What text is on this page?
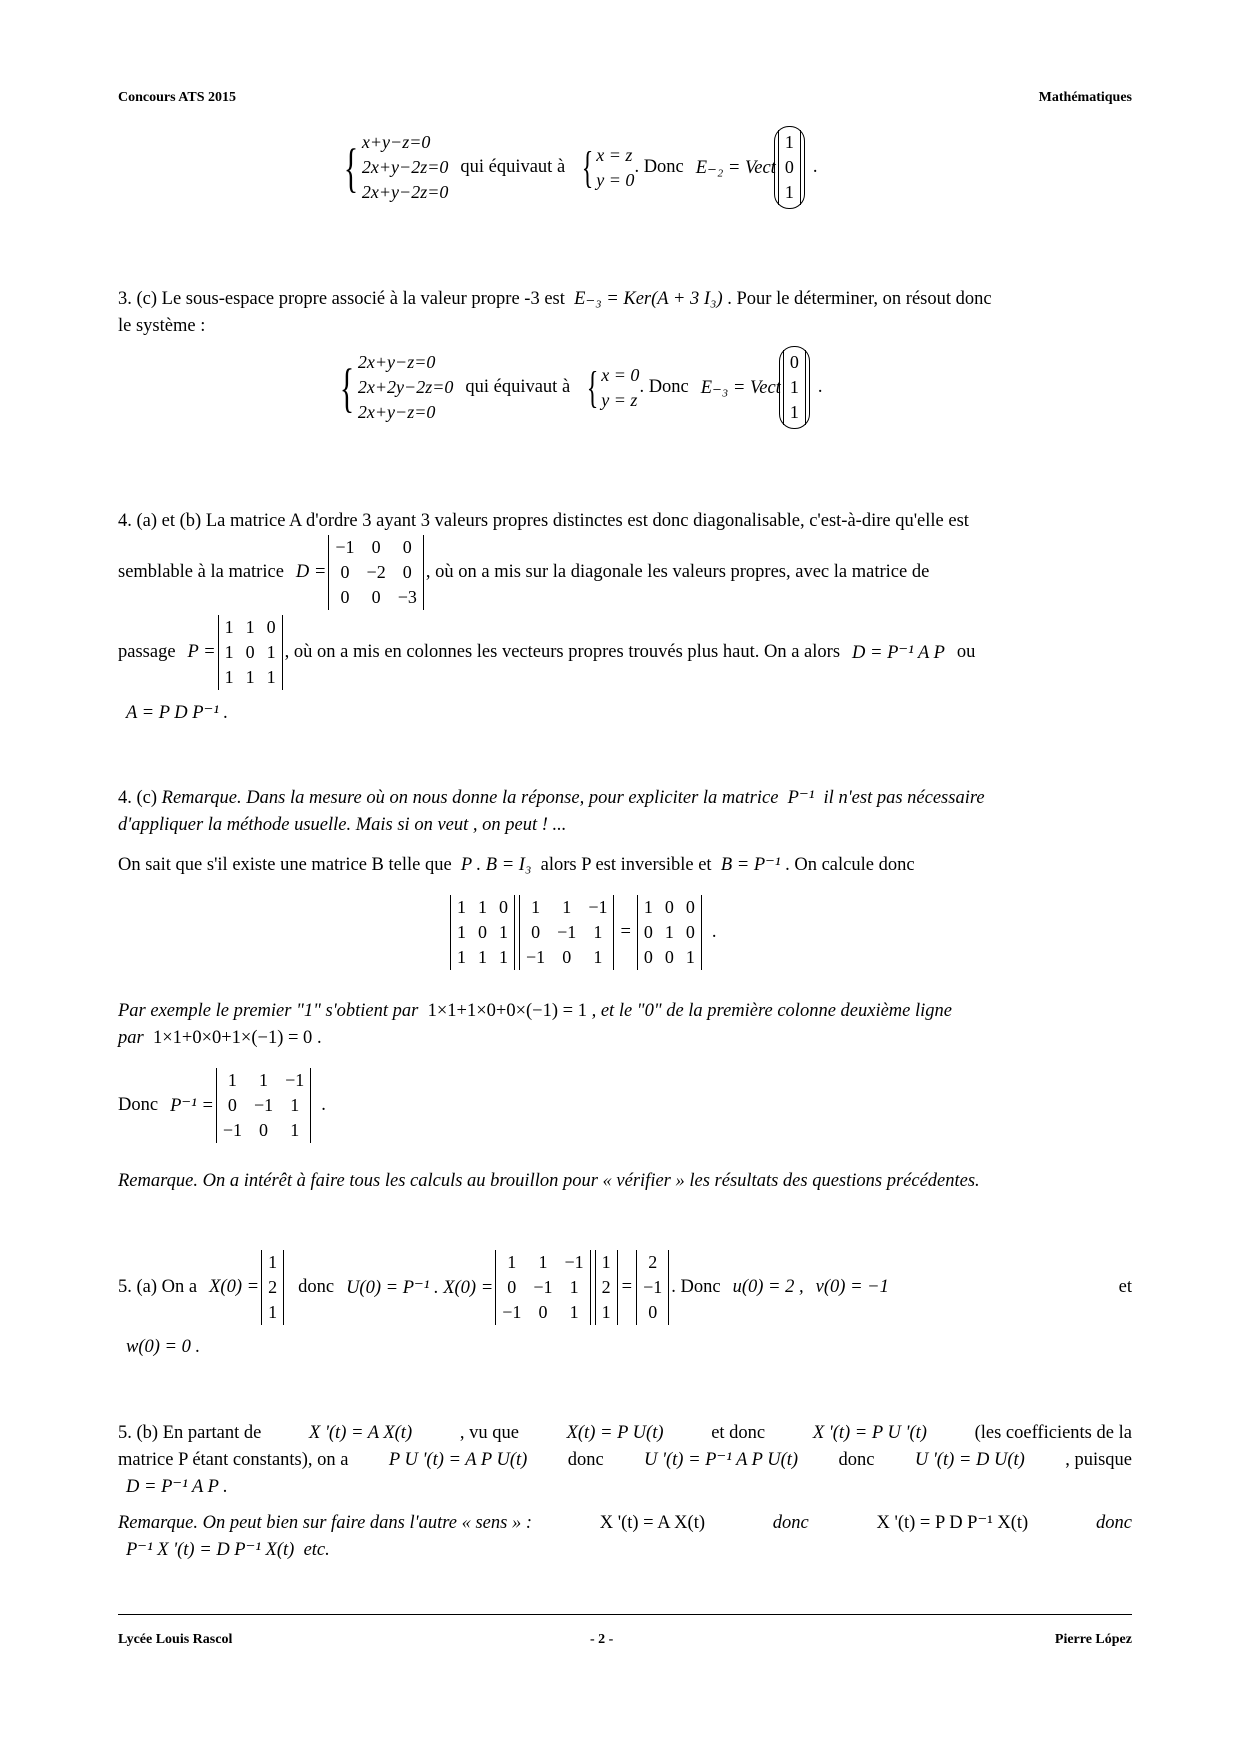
Concours ATS 2015	Mathématiques
{ x+y−z=0
2x+y−2z=0
2x+y−2z=0
qui équivaut à { x = z
y = 0
. Donc E₋₂ = Vect
1
0
1
.
3. (c) Le sous-espace propre associé à la valeur propre -3 est E₋₃ = Ker(A + 3 I₃) . Pour le déterminer, on résout donc
le système :
{ 2x+y−z=0
2x+2y−2z=0
2x+y−z=0
qui équivaut à { x = 0
y = z
. Donc E₋₃ = Vect
0
1
1
.
4. (a) et (b) La matrice A d'ordre 3 ayant 3 valeurs propres distinctes est donc diagonalisable, c'est-à-dire qu'elle est
semblable à la matrice D =
−1	0	0
0	−2	0
0	0	−3
, où on a mis sur la diagonale les valeurs propres, avec la matrice de
passage P =
1	1	0
1	0	1
1	1	1
, où on a mis en colonnes les vecteurs propres trouvés plus haut. On a alors D = P⁻¹ A P ou
A = P D P⁻¹ .
4. (c) Remarque. Dans la mesure où on nous donne la réponse, pour expliciter la matrice P⁻¹ il n'est pas nécessaire
d'appliquer la méthode usuelle. Mais si on veut , on peut ! ...
On sait que s'il existe une matrice B telle que P . B = I₃ alors P est inversible et B = P⁻¹ . On calcule donc
1	1	0
1	0	1
1	1	1
1	1	−1
0	−1	1
−1	0	1
=
1	0	0
0	1	0
0	0	1
.
Par exemple le premier "1" s'obtient par 1×1+1×0+0×(−1) = 1 , et le "0" de la première colonne deuxième ligne
par 1×1+0×0+1×(−1) = 0 .
Donc P⁻¹ =
1	1	−1
0	−1	1
−1	0	1
.
Remarque. On a intérêt à faire tous les calculs au brouillon pour « vérifier » les résultats des questions précédentes.
5. (a) On a X(0) =
1
2
1
donc U(0) = P⁻¹ . X(0) =
1	1	−1
0	−1	1
−1	0	1
1
2
1
=
2
−1
0
. Donc u(0) = 2 , v(0) = −1	et
w(0) = 0 .
5. (b) En partant de	X '(t) = A X(t)	, vu que	X(t) = P U(t)	et donc	X '(t) = P U '(t)	(les coefficients de la
matrice P étant constants), on a P U '(t) = A P U(t) donc U '(t) = P⁻¹ A P U(t) donc U '(t) = D U(t) , puisque
D = P⁻¹ A P .
Remarque. On peut bien sur faire dans l'autre « sens » :	X '(t) = A X(t)	donc	X '(t) = P D P⁻¹ X(t)	donc
P⁻¹ X '(t) = D P⁻¹ X(t) etc.
Lycée Louis Rascol	- 2 -	Pierre López
